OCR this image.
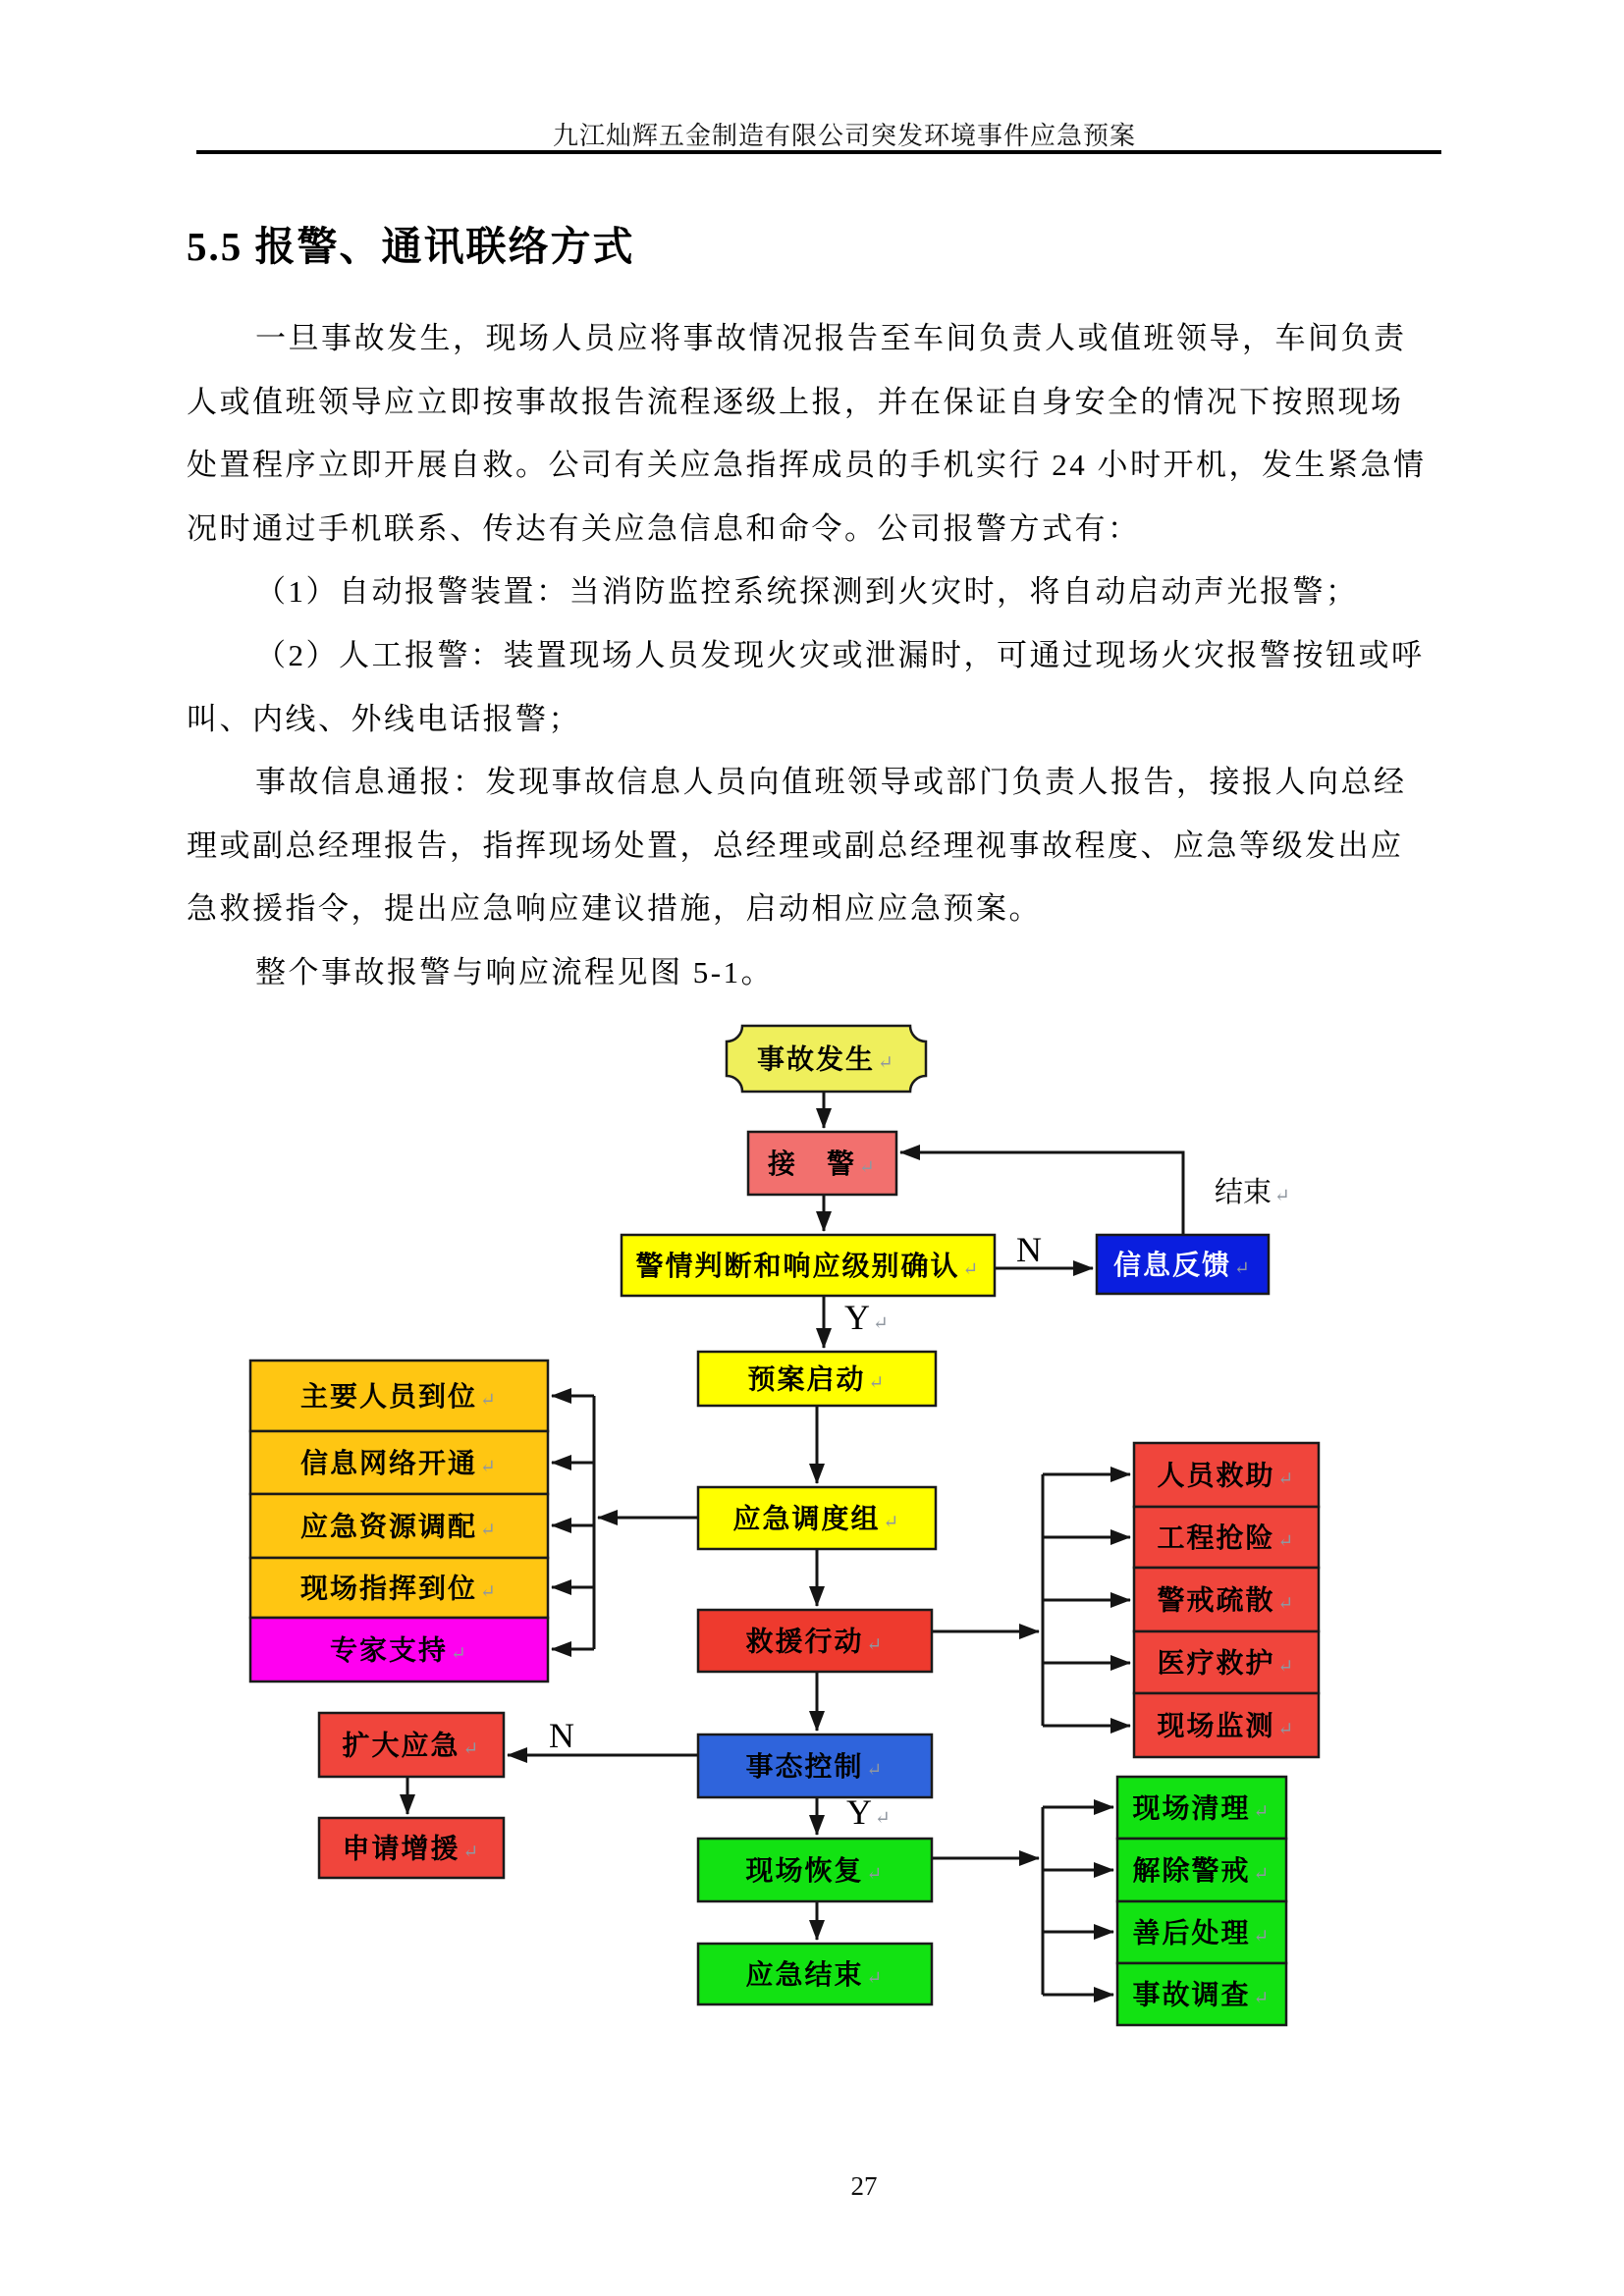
九江灿辉五金制造有限公司突发环境事件应急预案
5.5 报警、通讯联络方式
一旦事故发生，现场人员应将事故情况报告至车间负责人或值班领导，车间负责
人或值班领导应立即按事故报告流程逐级上报，并在保证自身安全的情况下按照现场
处置程序立即开展自救。公司有关应急指挥成员的手机实行 24 小时开机，发生紧急情
况时通过手机联系、传达有关应急信息和命令。公司报警方式有：
（1）自动报警装置：当消防监控系统探测到火灾时，将自动启动声光报警；
（2）人工报警：装置现场人员发现火灾或泄漏时，可通过现场火灾报警按钮或呼
叫、内线、外线电话报警；
事故信息通报：发现事故信息人员向值班领导或部门负责人报告，接报人向总经
理或副总经理报告，指挥现场处置，总经理或副总经理视事故程度、应急等级发出应
急救援指令，提出应急响应建议措施，启动相应应急预案。
整个事故报警与响应流程见图 5-1。
事故发生 ↵
接　警 ↵
警情判断和响应级别确认 ↵	信息反馈 ↵
预案启动 ↵
应急调度组 ↵
主要人员到位 ↵
信息网络开通 ↵
应急资源调配 ↵
现场指挥到位 ↵
专家支持 ↵	救援行动 ↵
人员救助 ↵
工程抢险 ↵
警戒疏散 ↵
医疗救护 ↵
现场监测 ↵
事态控制 ↵
扩大应急 ↵
申请增援 ↵
现场恢复 ↵
现场清理 ↵
解除警戒 ↵
善后处理 ↵
事故调查 ↵
应急结束 ↵
N
结束 ↵
Y ↵
N
Y ↵
27
